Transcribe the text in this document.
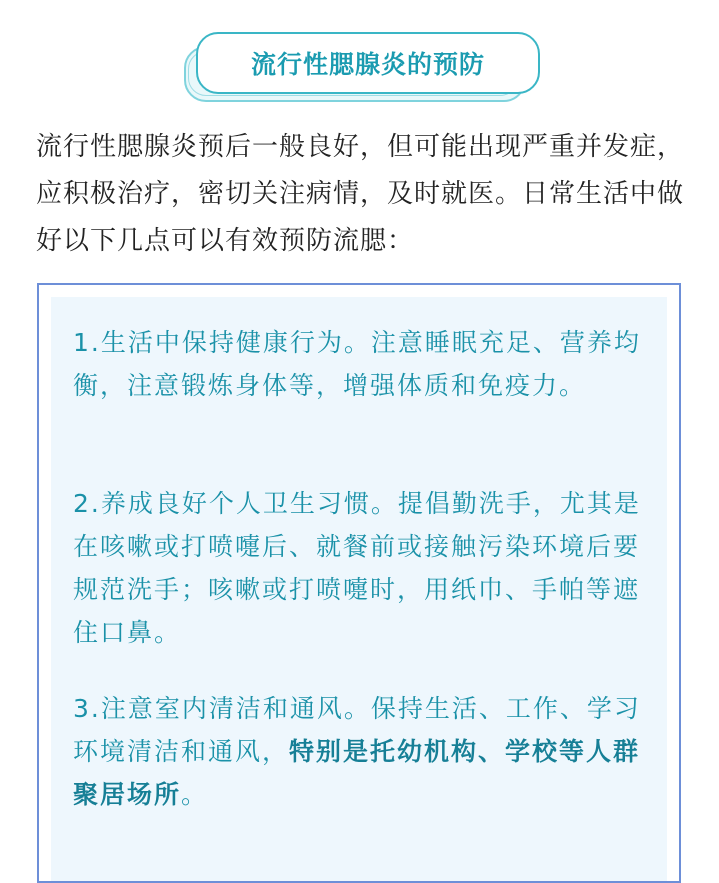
流行性腮腺炎的预防
流行性腮腺炎预后一般良好，但可能出现严重并发症，应积极治疗，密切关注病情，及时就医。日常生活中做好以下几点可以有效预防流腮：
1.生活中保持健康行为。注意睡眠充足、营养均衡，注意锻炼身体等，增强体质和免疫力。
2.养成良好个人卫生习惯。提倡勤洗手，尤其是在咳嗽或打喷嚏后、就餐前或接触污染环境后要规范洗手；咳嗽或打喷嚏时，用纸巾、手帕等遮住口鼻。
3.注意室内清洁和通风。保持生活、工作、学习环境清洁和通风，特别是托幼机构、学校等人群聚居场所。
